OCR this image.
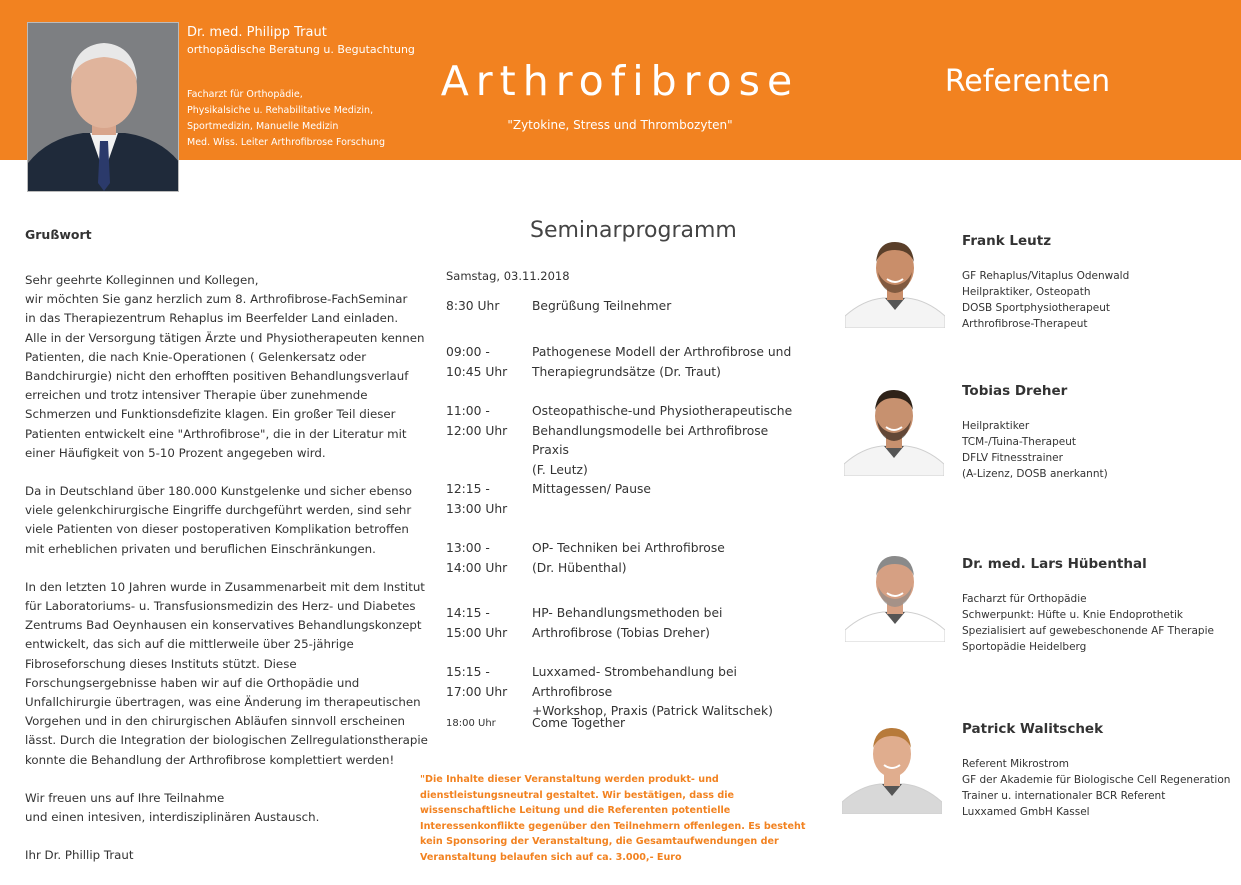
Dr. med. Philipp Traut
orthopädische Beratung u. Begutachtung
Facharzt für Orthopädie,
Physikalsiche u. Rehabilitative Medizin,
Sportmedizin, Manuelle Medizin
Med. Wiss. Leiter Arthrofibrose Forschung
Arthrofibrose
"Zytokine, Stress und Thrombozyten"
Referenten
Grußwort
Sehr geehrte Kolleginnen und Kollegen,
wir möchten Sie ganz herzlich zum 8. Arthrofibrose-FachSeminar
in das Therapiezentrum Rehaplus im Beerfelder Land einladen.
Alle in der Versorgung tätigen Ärzte und Physiotherapeuten kennen
Patienten, die nach Knie-Operationen ( Gelenkersatz oder
Bandchirurgie) nicht den erhofften positiven Behandlungsverlauf
erreichen und trotz intensiver Therapie über zunehmende
Schmerzen und Funktionsdefizite klagen. Ein großer Teil dieser
Patienten entwickelt eine "Arthrofibrose", die in der Literatur mit
einer Häufigkeit von 5-10 Prozent angegeben wird.
Da in Deutschland über 180.000 Kunstgelenke und sicher ebenso
viele gelenkchirurgische Eingriffe durchgeführt werden, sind sehr
viele Patienten von dieser postoperativen Komplikation betroffen
mit erheblichen privaten und beruflichen Einschränkungen.
In den letzten 10 Jahren wurde in Zusammenarbeit mit dem Institut
für Laboratoriums- u. Transfusionsmedizin des Herz- und Diabetes
Zentrums Bad Oeynhausen ein konservatives Behandlungskonzept
entwickelt, das sich auf die mittlerweile über 25-jährige
Fibroseforschung dieses Instituts stützt. Diese
Forschungsergebnisse haben wir auf die Orthopädie und
Unfallchirurgie übertragen, was eine Änderung im therapeutischen
Vorgehen und in den chirurgischen Abläufen sinnvoll erscheinen
lässt. Durch die Integration der biologischen Zellregulationstherapie
konnte die Behandlung der Arthrofibrose komplettiert werden!
Wir freuen uns auf Ihre Teilnahme
und einen intesiven, interdisziplinären Austausch.
Ihr Dr. Phillip Traut
Seminarprogramm
Samstag, 03.11.2018
8:30 Uhr	Begrüßung Teilnehmer
09:00 -
10:45 Uhr
Pathogenese Modell der Arthrofibrose und
Therapiegrundsätze (Dr. Traut)
11:00 -
12:00 Uhr
Osteopathische-und Physiotherapeutische
Behandlungsmodelle bei Arthrofibrose Praxis
(F. Leutz)
12:15 -
13:00 Uhr
Mittagessen/ Pause
13:00 -
14:00 Uhr
OP- Techniken bei Arthrofibrose
(Dr. Hübenthal)
14:15 -
15:00 Uhr
HP- Behandlungsmethoden bei
Arthrofibrose (Tobias Dreher)
15:15 -
17:00 Uhr
Luxxamed- Strombehandlung bei Arthrofibrose
+Workshop, Praxis (Patrick Walitschek)
18:00 Uhr	Come Together
"Die Inhalte dieser Veranstaltung werden produkt- und dienstleistungsneutral gestaltet. Wir bestätigen, dass die wissenschaftliche Leitung und die Referenten potentielle Interessenkonflikte gegenüber den Teilnehmern offenlegen. Es besteht kein Sponsoring der Veranstaltung, die Gesamtaufwendungen der Veranstaltung belaufen sich auf ca. 3.000,- Euro
Frank Leutz
GF Rehaplus/Vitaplus Odenwald
Heilpraktiker, Osteopath
DOSB Sportphysiotherapeut
Arthrofibrose-Therapeut
Tobias Dreher
Heilpraktiker
TCM-/Tuina-Therapeut
DFLV Fitnesstrainer
(A-Lizenz, DOSB anerkannt)
Dr. med. Lars Hübenthal
Facharzt für Orthopädie
Schwerpunkt: Hüfte u. Knie Endoprothetik
Spezialisiert auf gewebeschonende AF Therapie
Sportopädie Heidelberg
Patrick Walitschek
Referent Mikrostrom
GF der Akademie für Biologische Cell Regeneration
Trainer u. internationaler BCR Referent
Luxxamed GmbH Kassel
